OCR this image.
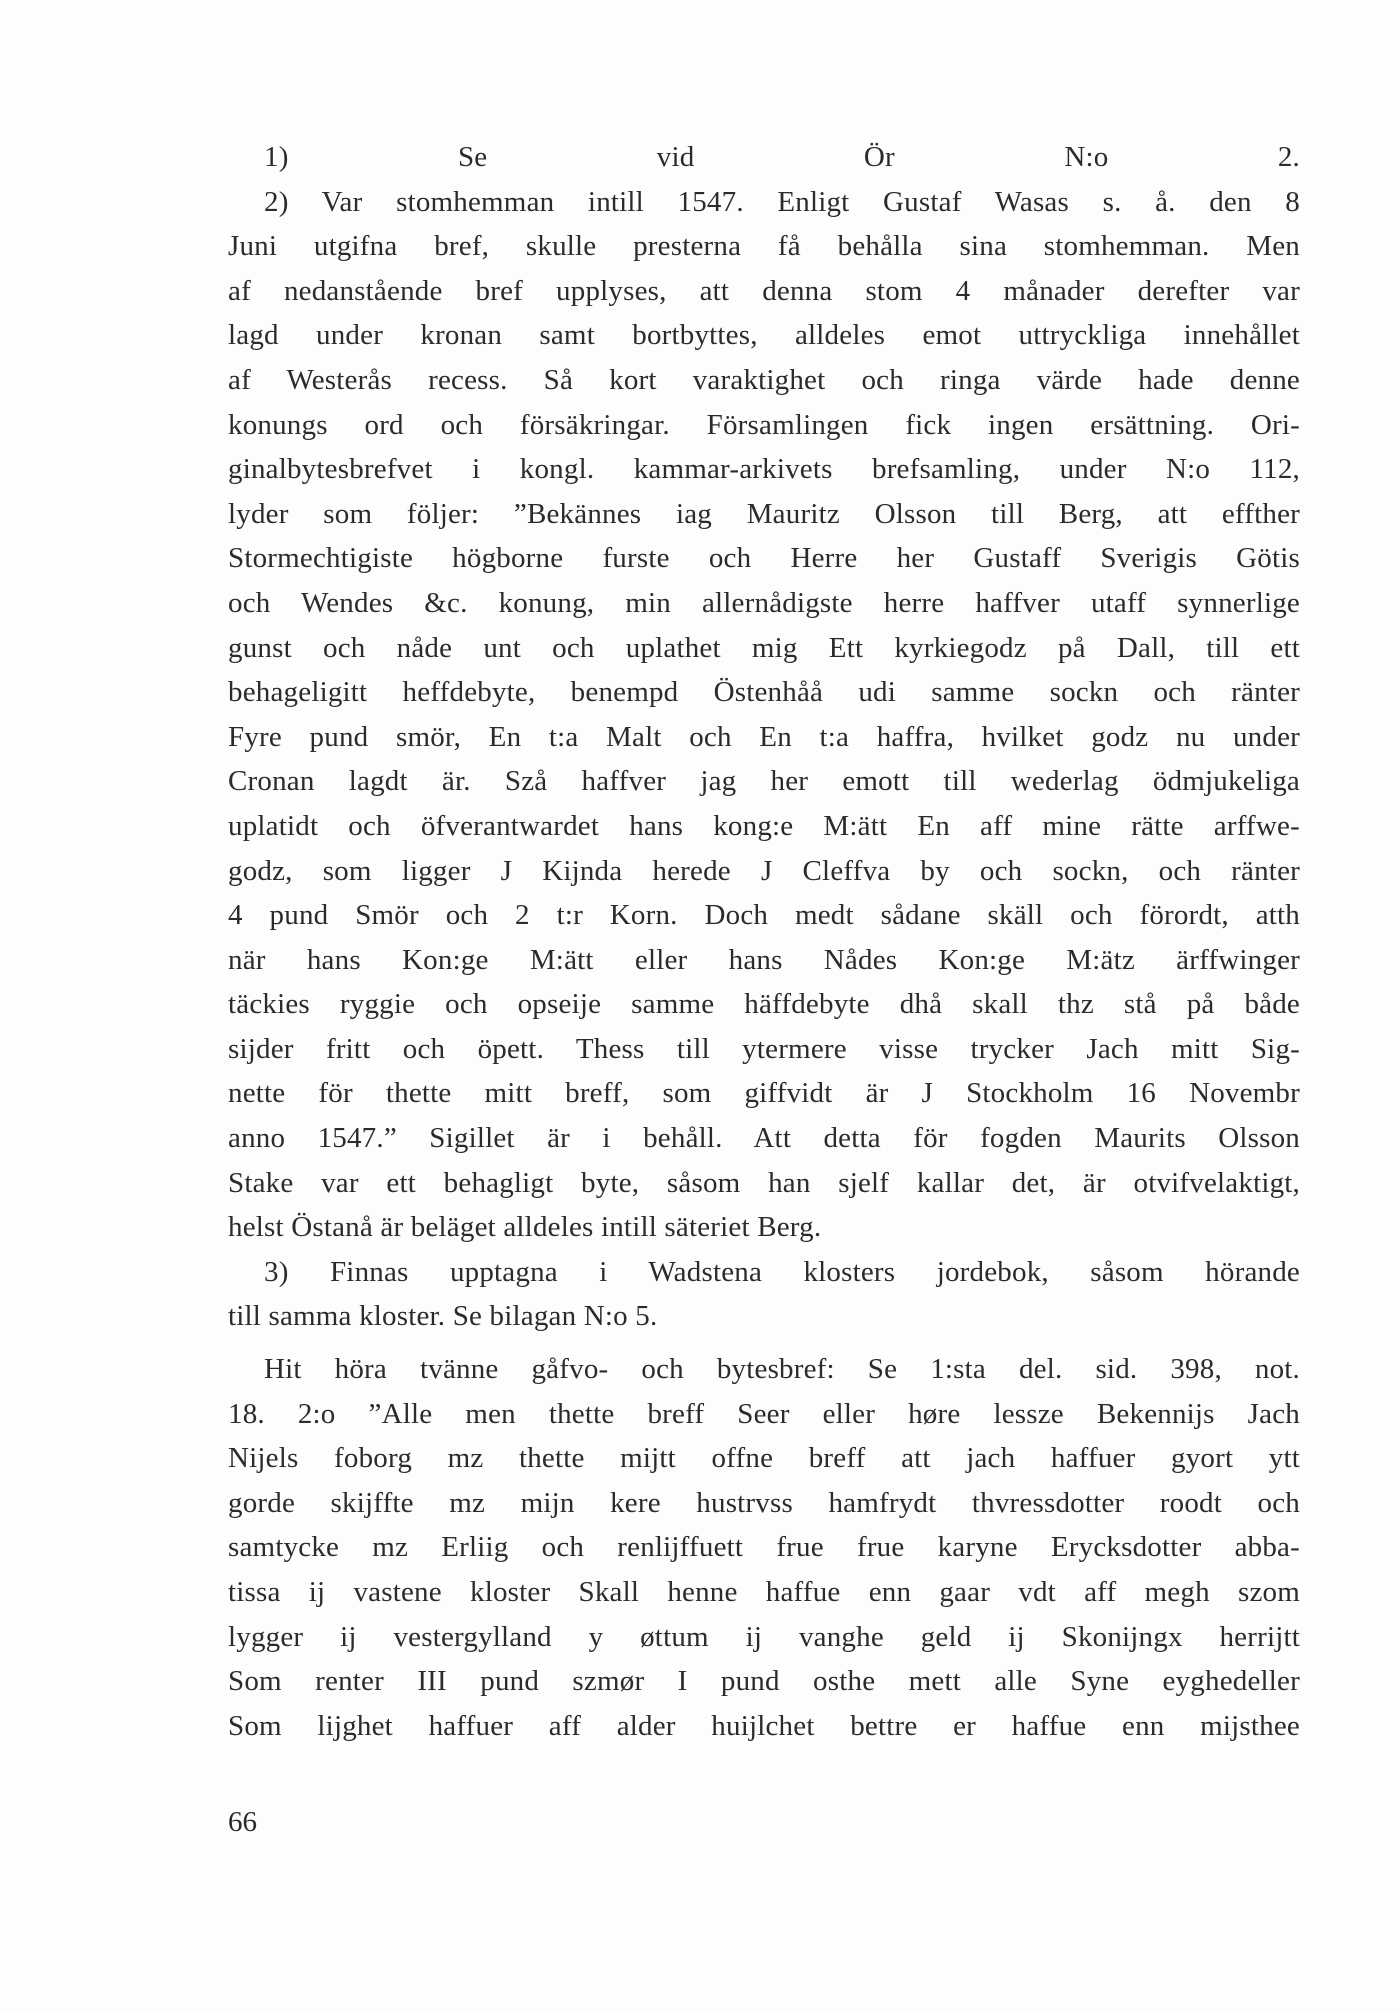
1) Se vid Ör N:o 2.
2) Var stomhemman intill 1547. Enligt Gustaf Wasas s. å. den 8
Juni utgifna bref, skulle presterna få behålla sina stomhemman. Men
af nedanstående bref upplyses, att denna stom 4 månader derefter var
lagd under kronan samt bortbyttes, alldeles emot uttryckliga innehållet
af Westerås recess. Så kort varaktighet och ringa värde hade denne
konungs ord och försäkringar. Församlingen fick ingen ersättning. Ori-
ginalbytesbrefvet i kongl. kammar-arkivets brefsamling, under N:o 112,
lyder som följer: ”Bekännes iag Mauritz Olsson till Berg, att effther
Stormechtigiste högborne furste och Herre her Gustaff Sverigis Götis
och Wendes &c. konung, min allernådigste herre haffver utaff synnerlige
gunst och nåde unt och uplathet mig Ett kyrkiegodz på Dall, till ett
behageligitt heffdebyte, benempd Östenhåå udi samme sockn och ränter
Fyre pund smör, En t:a Malt och En t:a haffra, hvilket godz nu under
Cronan lagdt är. Szå haffver jag her emott till wederlag ödmjukeliga
uplatidt och öfverantwardet hans kong:e M:ätt En aff mine rätte arffwe-
godz, som ligger J Kijnda herede J Cleffva by och sockn, och ränter
4 pund Smör och 2 t:r Korn. Doch medt sådane skäll och förordt, atth
när hans Kon:ge M:ätt eller hans Nådes Kon:ge M:ätz ärffwinger
täckies ryggie och opseije samme häffdebyte dhå skall thz stå på både
sijder fritt och öpett. Thess till ytermere visse trycker Jach mitt Sig-
nette för thette mitt breff, som giffvidt är J Stockholm 16 Novembr
anno 1547.” Sigillet är i behåll. Att detta för fogden Maurits Olsson
Stake var ett behagligt byte, såsom han sjelf kallar det, är otvifvelaktigt,
helst Östanå är beläget alldeles intill säteriet Berg.
3) Finnas upptagna i Wadstena klosters jordebok, såsom hörande
till samma kloster. Se bilagan N:o 5.
Hit höra tvänne gåfvo- och bytesbref: Se 1:sta del. sid. 398, not.
18. 2:o ”Alle men thette breff Seer eller høre lessze Bekennijs Jach
Nijels foborg mz thette mijtt offne breff att jach haffuer gyort ytt
gorde skijffte mz mijn kere hustrvss hamfrydt thvressdotter roodt och
samtycke mz Erliig och renlijffuett frue frue karyne Erycksdotter abba-
tissa ij vastene kloster Skall henne haffue enn gaar vdt aff megh szom
lygger ij vestergylland y øttum ij vanghe geld ij Skonijngx herrijtt
Som renter III pund szmør I pund osthe mett alle Syne eyghedeller
Som lijghet haffuer aff alder huijlchet bettre er haffue enn mijsthee
66
